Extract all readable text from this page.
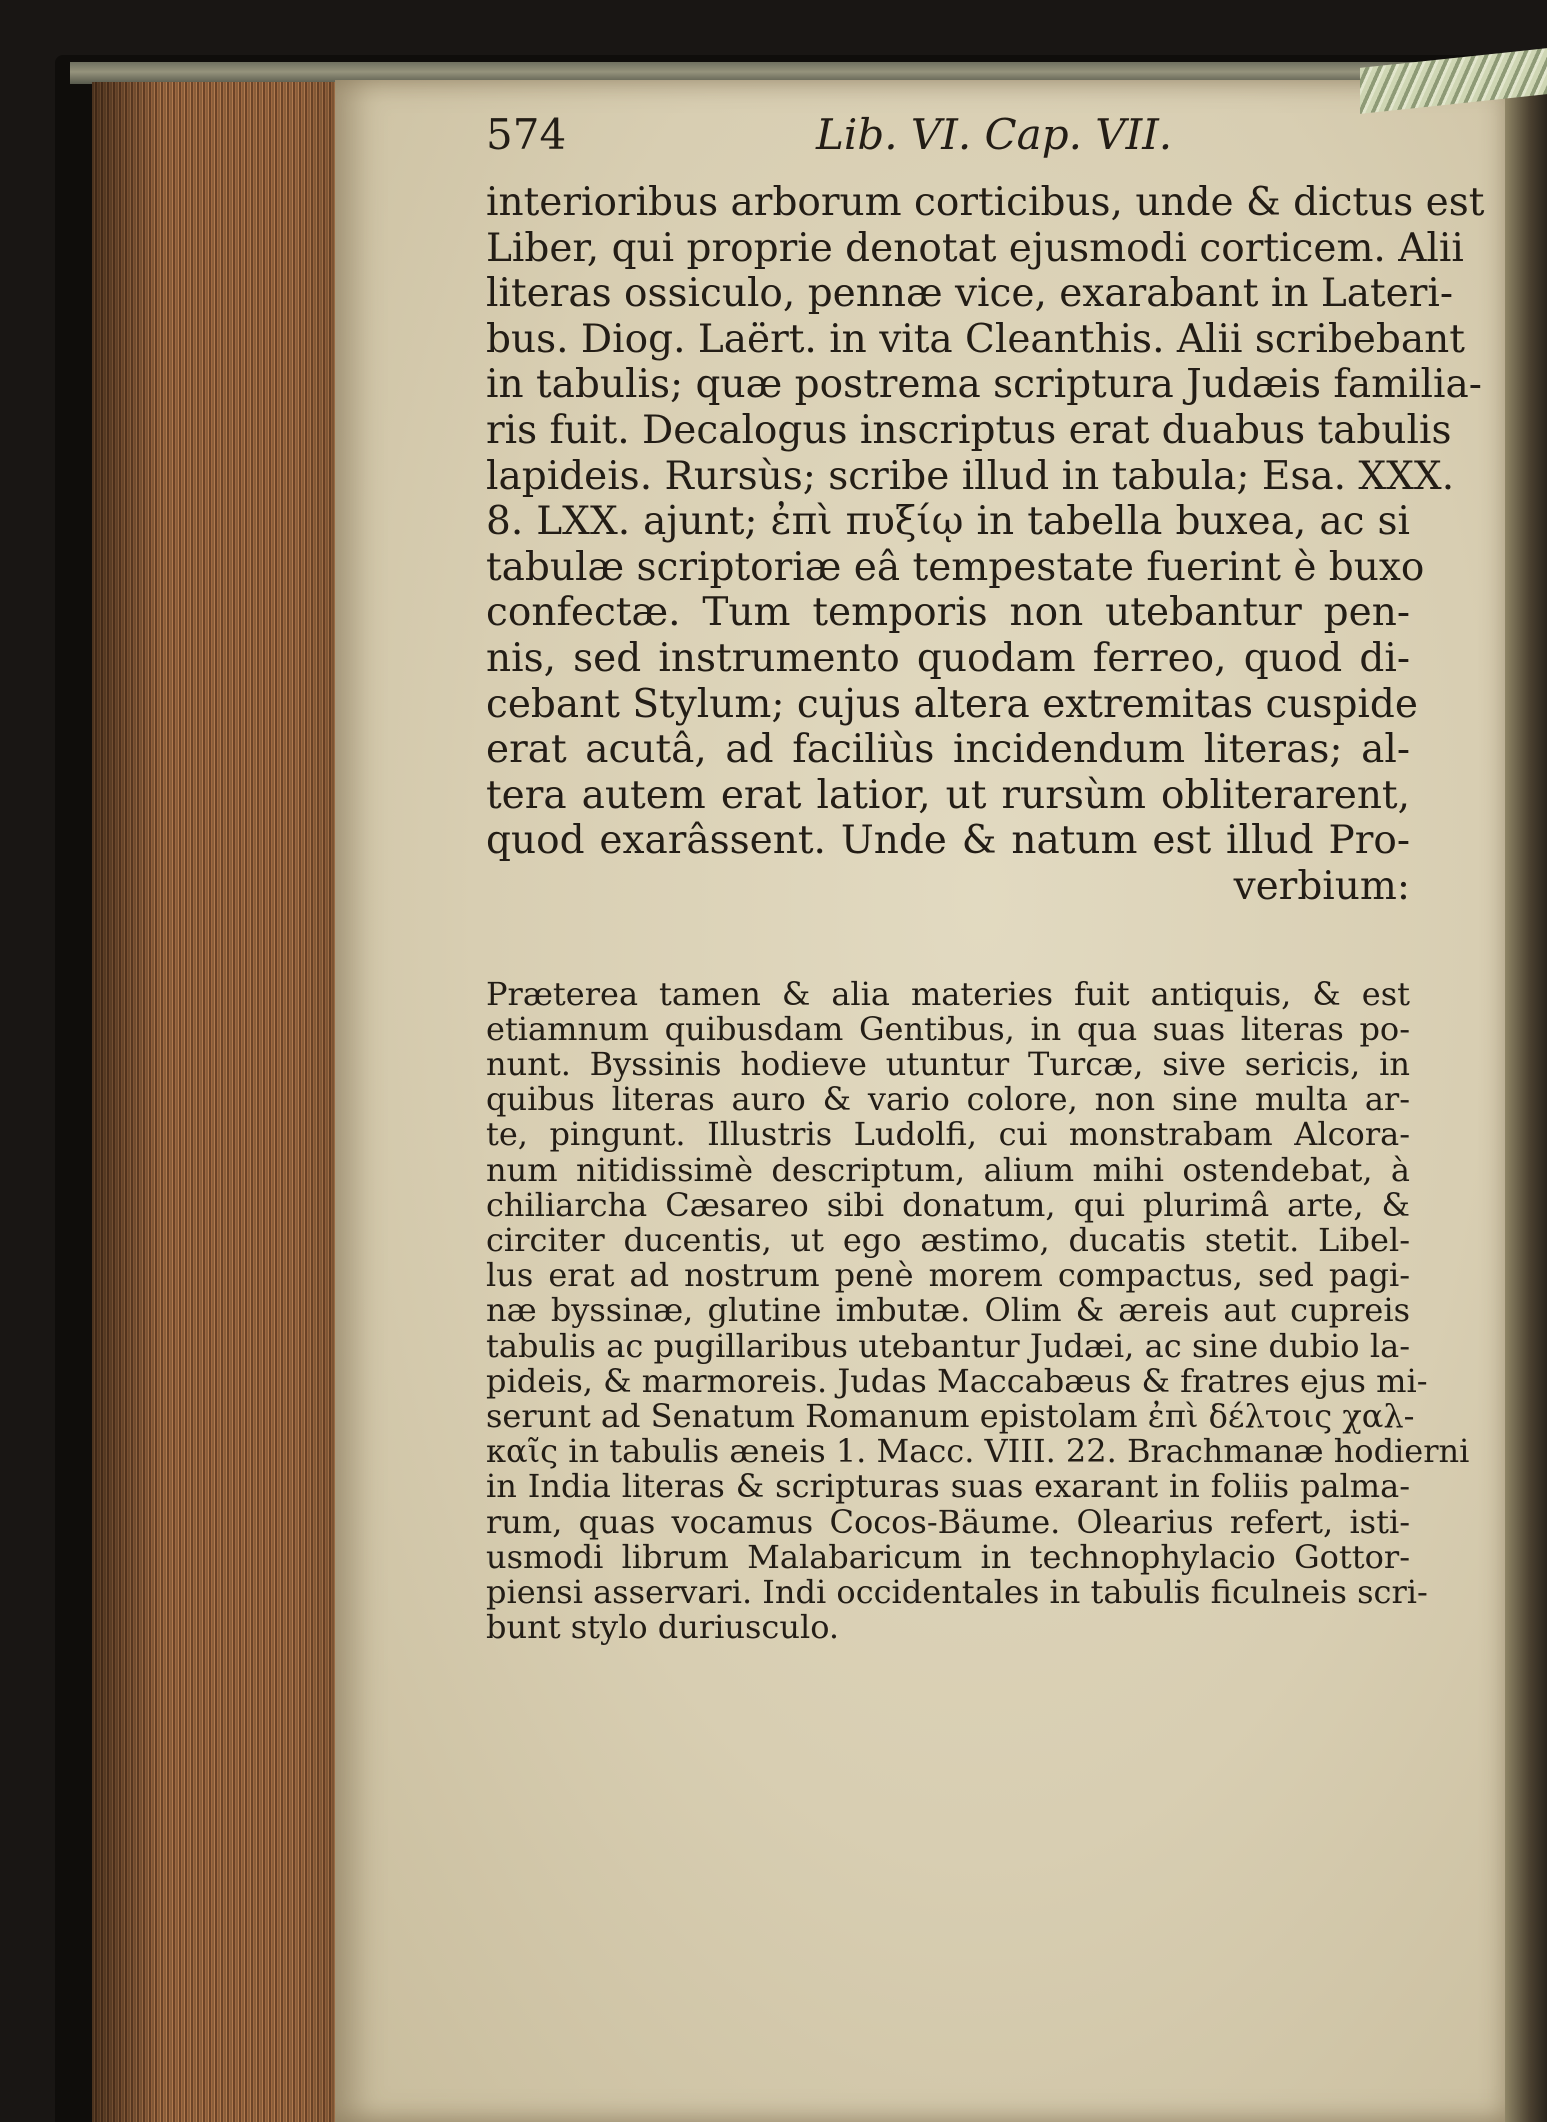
574	Lib. VI. Cap. VII.
interioribus arborum corticibus, unde & dictus est
Liber, qui proprie denotat ejusmodi corticem. Alii
literas ossiculo, pennæ vice, exarabant in Lateri-
bus. Diog. Laërt. in vita Cleanthis. Alii scribebant
in tabulis; quæ postrema scriptura Judæis familia-
ris fuit. Decalogus inscriptus erat duabus tabulis
lapideis. Rursùs; scribe illud in tabula; Esa. XXX.
8. LXX. ajunt; ἐπὶ πυξίῳ in tabella buxea, ac si
tabulæ scriptoriæ eâ tempestate fuerint è buxo
confectæ. Tum temporis non utebantur pen-
nis, sed instrumento quodam ferreo, quod di-
cebant Stylum; cujus altera extremitas cuspide
erat acutâ, ad faciliùs incidendum literas; al-
tera autem erat latior, ut rursùm obliterarent,
quod exarâssent. Unde & natum est illud Pro-
verbium:
Præterea tamen & alia materies fuit antiquis, & est
etiamnum quibusdam Gentibus, in qua suas literas po-
nunt. Byssinis hodieve utuntur Turcæ, sive sericis, in
quibus literas auro & vario colore, non sine multa ar-
te, pingunt. Illustris Ludolfi, cui monstrabam Alcora-
num nitidissimè descriptum, alium mihi ostendebat, à
chiliarcha Cæsareo sibi donatum, qui plurimâ arte, &
circiter ducentis, ut ego æstimo, ducatis stetit. Libel-
lus erat ad nostrum penè morem compactus, sed pagi-
næ byssinæ, glutine imbutæ. Olim & æreis aut cupreis
tabulis ac pugillaribus utebantur Judæi, ac sine dubio la-
pideis, & marmoreis. Judas Maccabæus & fratres ejus mi-
serunt ad Senatum Romanum epistolam ἐπὶ δέλτοις χαλ-
καῖς in tabulis æneis 1. Macc. VIII. 22. Brachmanæ hodierni
in India literas & scripturas suas exarant in foliis palma-
rum, quas vocamus Cocos-Bäume. Olearius refert, isti-
usmodi librum Malabaricum in technophylacio Gottor-
piensi asservari. Indi occidentales in tabulis ficulneis scri-
bunt stylo duriusculo.
